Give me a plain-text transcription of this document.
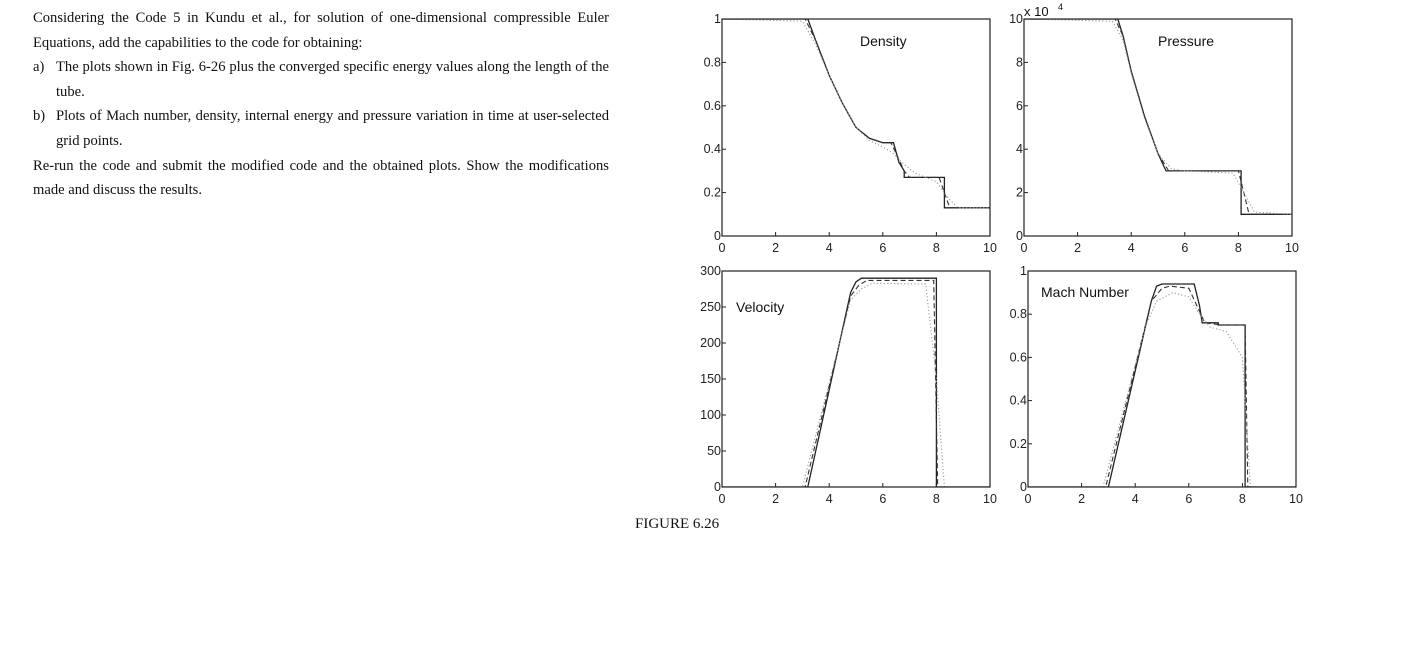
Considering the Code 5 in Kundu et al., for solution of one-dimensional compressible Euler Equations, add the capabilities to the code for obtaining:

a) The plots shown in Fig. 6-26 plus the converged specific energy values along the length of the tube.
b) Plots of Mach number, density, internal energy and pressure variation in time at user-selected grid points.

Re-run the code and submit the modified code and the obtained plots. Show the modifications made and discuss the results.

0	2	4	6	8	10
0
0.2
0.4
0.6
0.8
1
Density
0	2	4	6	8	10
0
2
4
6
8
10
Pressure
x 10 4
0	2	4	6	8	10
0
50
100
150
200
250
300
Velocity
0	2	4	6	8	10
0
0.2
0.4
0.6
0.8
1
Mach Number
FIGURE 6.26
